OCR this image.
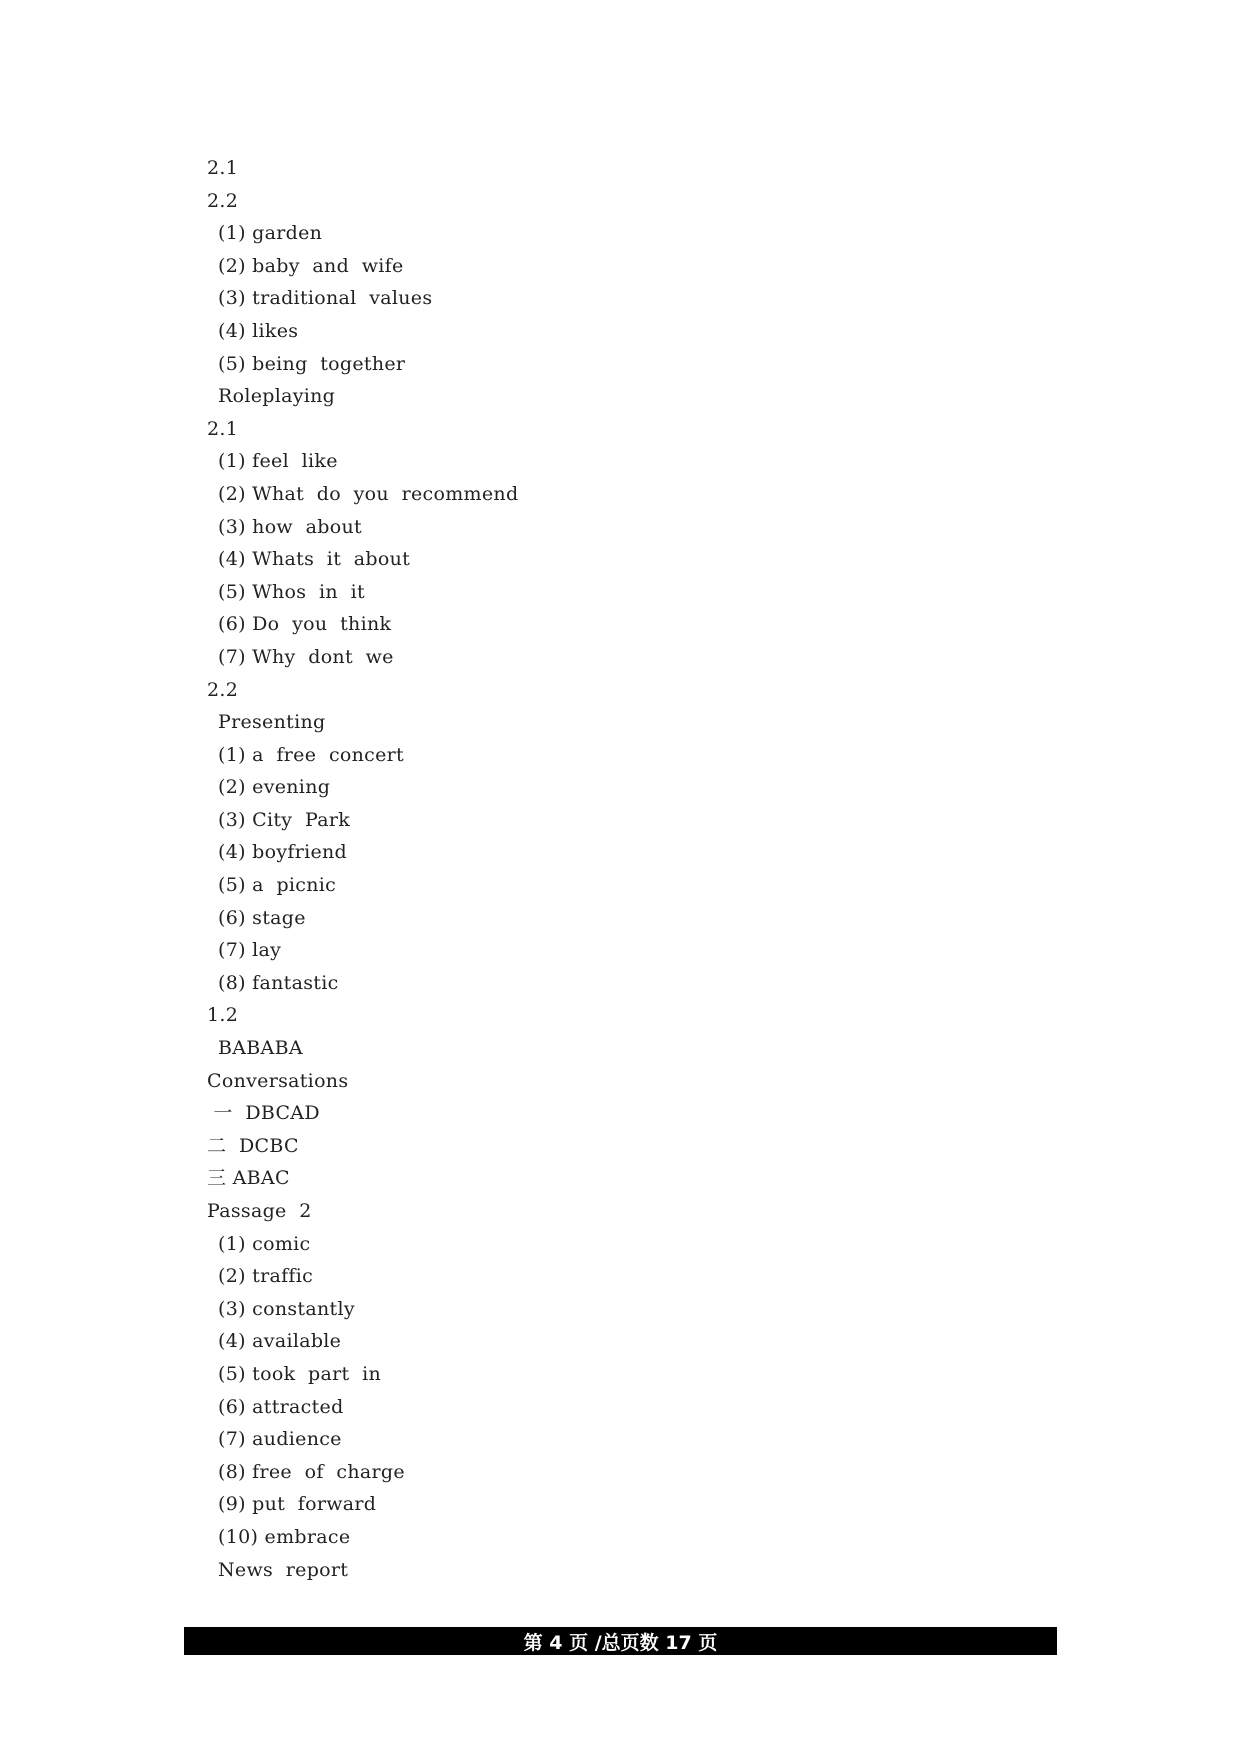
2.1
2.2
(1) garden
(2) baby  and  wife
(3) traditional  values
(4) likes
(5) being  together
Roleplaying
2.1
(1) feel  like
(2) What  do  you  recommend
(3) how  about
(4) Whats  it  about
(5) Whos  in  it
(6) Do  you  think
(7) Why  dont  we
2.2
Presenting
(1) a  free  concert
(2) evening
(3) City  Park
(4) boyfriend
(5) a  picnic
(6) stage
(7) lay
(8) fantastic
1.2
BABABA
Conversations
一  DBCAD
二  DCBC
三 ABAC
Passage  2
(1) comic
(2) traffic
(3) constantly
(4) available
(5) took  part  in
(6) attracted
(7) audience
(8) free  of  charge
(9) put  forward
(10) embrace
News  report
第 4 页 /总页数 17 页
